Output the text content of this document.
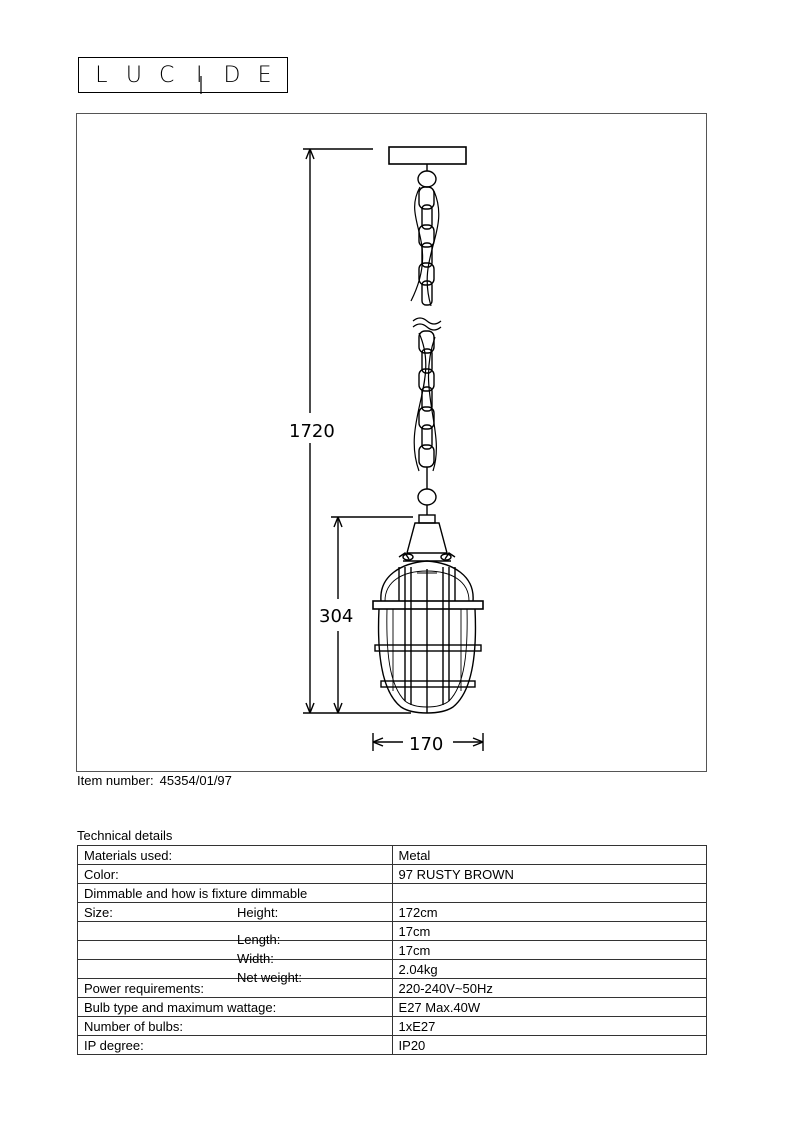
L U C I D E
1720
304
170
Item number: 45354/01/97
Technical details
Materials used:	Metal
Color:	97 RUSTY BROWN
Dimmable and how is fixture dimmable	

Size: Height:	172cm

Length:	17cm

Width:	17cm

Net weight:	2.04kg
Power requirements:	220-240V~50Hz
Bulb type and maximum wattage:	E27 Max.40W
Number of bulbs:	1xE27
IP degree:	IP20
